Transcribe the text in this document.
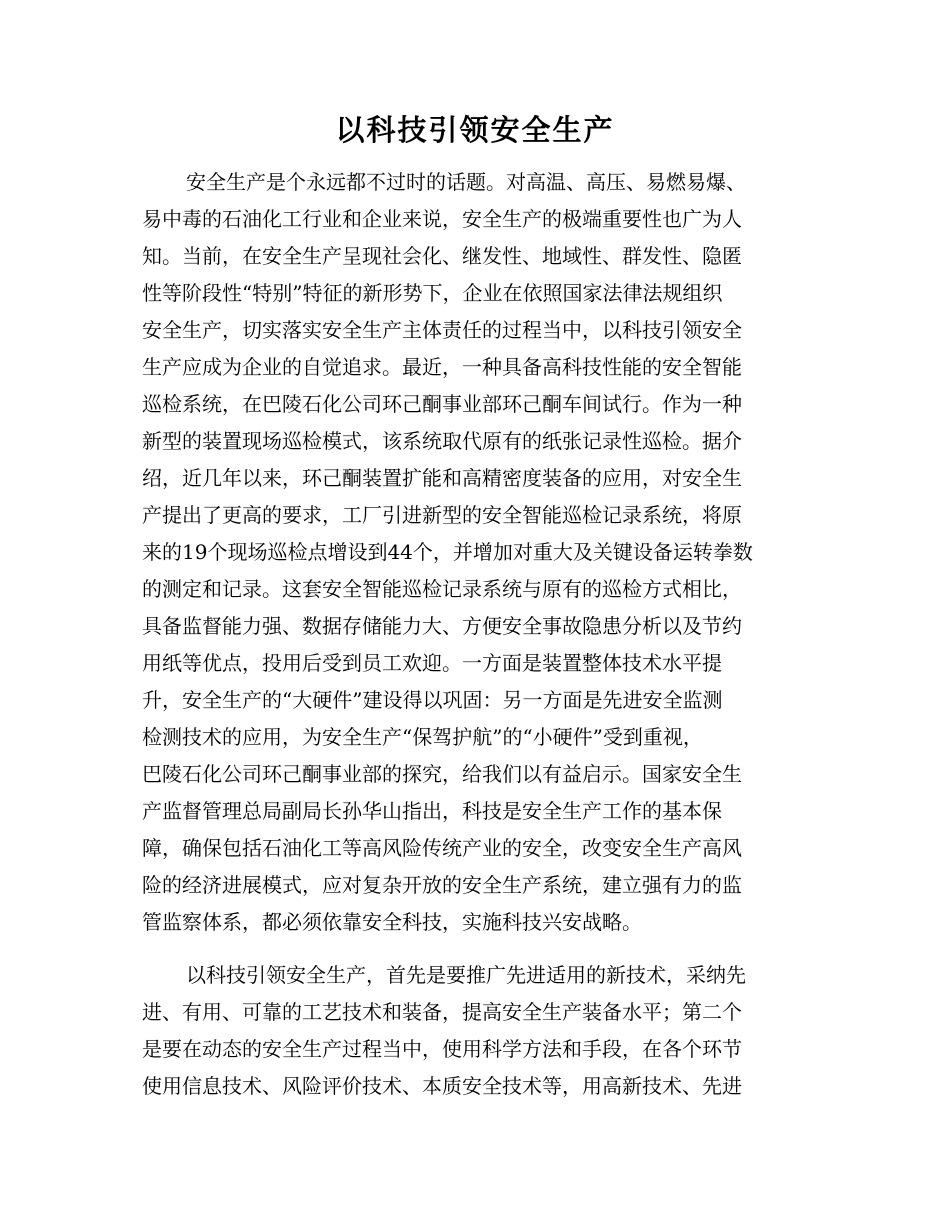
以科技引领安全生产
安全生产是个永远都不过时的话题。对高温、高压、易燃易爆、
易中毒的石油化工行业和企业来说，安全生产的极端重要性也广为人
知。当前，在安全生产呈现社会化、继发性、地域性、群发性、隐匿
性等阶段性“特别”特征的新形势下，企业在依照国家法律法规组织
安全生产，切实落实安全生产主体责任的过程当中，以科技引领安全
生产应成为企业的自觉追求。最近，一种具备高科技性能的安全智能
巡检系统，在巴陵石化公司环己酮事业部环己酮车间试行。作为一种
新型的装置现场巡检模式，该系统取代原有的纸张记录性巡检。据介
绍，近几年以来，环己酮装置扩能和高精密度装备的应用，对安全生
产提出了更高的要求，工厂引进新型的安全智能巡检记录系统，将原
来的19个现场巡检点增设到44个，并增加对重大及关键设备运转拳数
的测定和记录。这套安全智能巡检记录系统与原有的巡检方式相比，
具备监督能力强、数据存储能力大、方便安全事故隐患分析以及节约
用纸等优点，投用后受到员工欢迎。一方面是装置整体技术水平提
升，安全生产的“大硬件”建设得以巩固：另一方面是先进安全监测
检测技术的应用，为安全生产“保驾护航”的“小硬件”受到重视，
巴陵石化公司环己酮事业部的探究，给我们以有益启示。国家安全生
产监督管理总局副局长孙华山指出，科技是安全生产工作的基本保
障，确保包括石油化工等高风险传统产业的安全，改变安全生产高风
险的经济进展模式，应对复杂开放的安全生产系统，建立强有力的监
管监察体系，都必须依靠安全科技，实施科技兴安战略。
以科技引领安全生产，首先是要推广先进适用的新技术，采纳先
进、有用、可靠的工艺技术和装备，提高安全生产装备水平；第二个
是要在动态的安全生产过程当中，使用科学方法和手段，在各个环节
使用信息技术、风险评价技术、本质安全技术等，用高新技术、先进
